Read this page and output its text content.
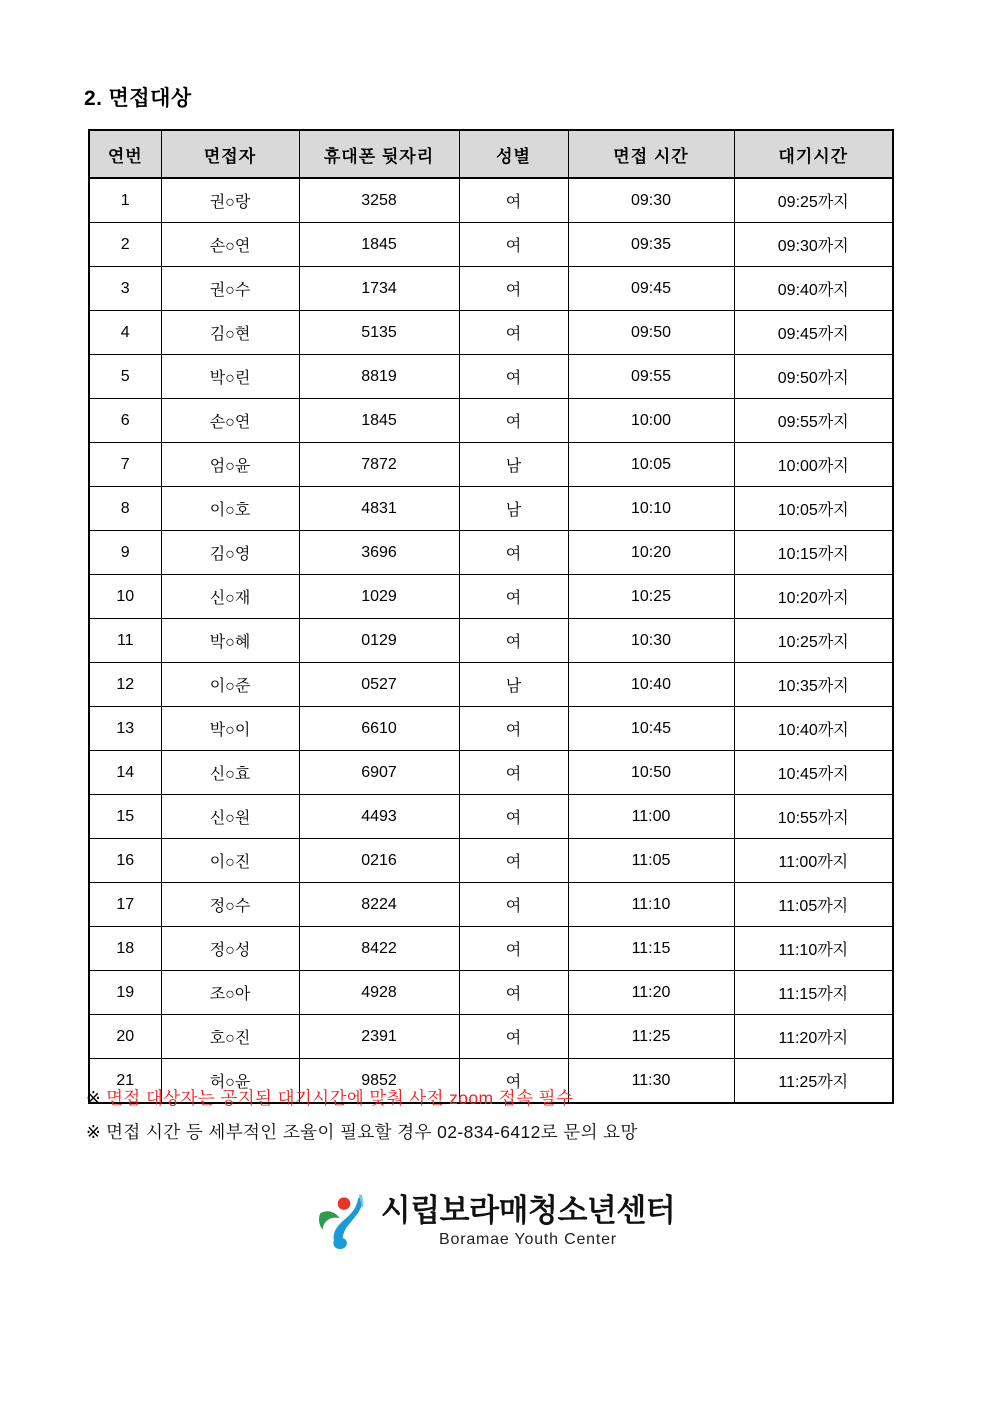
2. 면접대상
연번	면접자	휴대폰 뒷자리	성별	면접 시간	대기시간
1	권○랑	3258	여	09:30	09:25까지
2	손○연	1845	여	09:35	09:30까지
3	권○수	1734	여	09:45	09:40까지
4	김○현	5135	여	09:50	09:45까지
5	박○린	8819	여	09:55	09:50까지
6	손○연	1845	여	10:00	09:55까지
7	엄○윤	7872	남	10:05	10:00까지
8	이○호	4831	남	10:10	10:05까지
9	김○영	3696	여	10:20	10:15까지
10	신○재	1029	여	10:25	10:20까지
11	박○혜	0129	여	10:30	10:25까지
12	이○준	0527	남	10:40	10:35까지
13	박○이	6610	여	10:45	10:40까지
14	신○효	6907	여	10:50	10:45까지
15	신○원	4493	여	11:00	10:55까지
16	이○진	0216	여	11:05	11:00까지
17	정○수	8224	여	11:10	11:05까지
18	정○성	8422	여	11:15	11:10까지
19	조○아	4928	여	11:20	11:15까지
20	호○진	2391	여	11:25	11:20까지
21	허○윤	9852	여	11:30	11:25까지
※ 면접 대상자는 공지된 대기시간에 맞춰 사전 zoom 접속 필수
※ 면접 시간 등 세부적인 조율이 필요할 경우 02-834-6412로 문의 요망
시립보라매청소년센터
Boramae Youth Center
